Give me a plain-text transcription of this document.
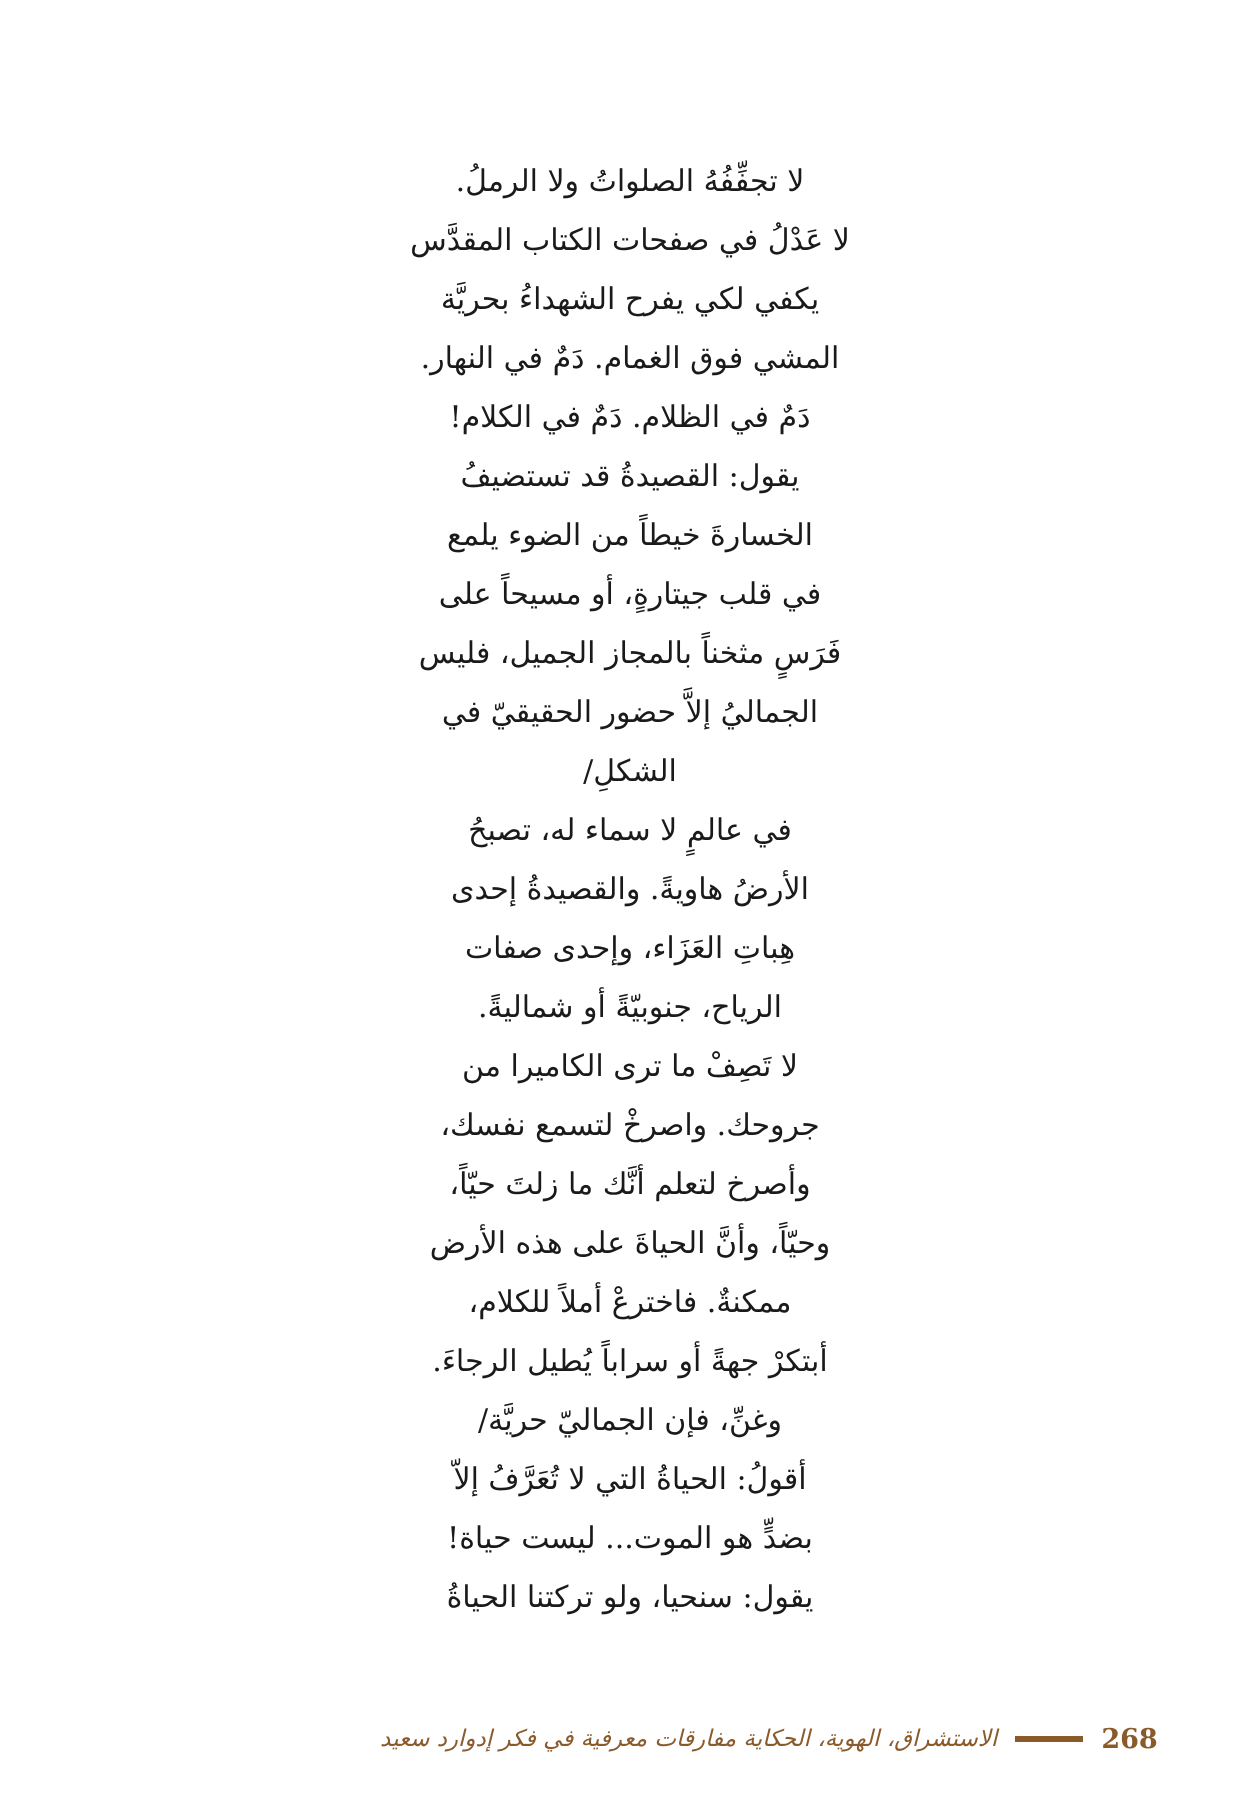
لا تجفِّفُهُ الصلواتُ ولا الرملُ.
لا عَدْلُ في صفحات الكتاب المقدَّس
يكفي لكي يفرح الشهداءُ بحريَّة
المشي فوق الغمام. دَمٌ في النهار.
دَمٌ في الظلام. دَمٌ في الكلام!
يقول: القصيدةُ قد تستضيفُ
الخسارةَ خيطاً من الضوء يلمع
في قلب جيتارةٍ، أو مسيحاً على
فَرَسٍ مثخناً بالمجاز الجميل، فليس
الجماليُ إلاَّ حضور الحقيقيّ في
الشكلِ/
في عالمٍ لا سماء له، تصبحُ
الأرضُ هاويةً. والقصيدةُ إحدى
هِباتِ العَزَاء، وإحدى صفات
الرياح، جنوبيّةً أو شماليةً.
لا تَصِفْ ما ترى الكاميرا من
جروحك. واصرخْ لتسمع نفسك،
وأصرخ لتعلم أنَّك ما زلتَ حيّاً،
وحيّاً، وأنَّ الحياةَ على هذه الأرض
ممكنةٌ. فاخترعْ أملاً للكلام،
أبتكرْ جهةً أو سراباً يُطيل الرجاءَ.
وغنِّ، فإن الجماليّ حريَّة/
أقولُ: الحياةُ التي لا تُعَرَّفُ إلاّ
بضدٍّ هو الموت... ليست حياة!
يقول: سنحيا، ولو تركتنا الحياةُ
الاستشراق، الهوية، الحكاية مفارقات معرفية في فكر إدوارد سعيد	268
